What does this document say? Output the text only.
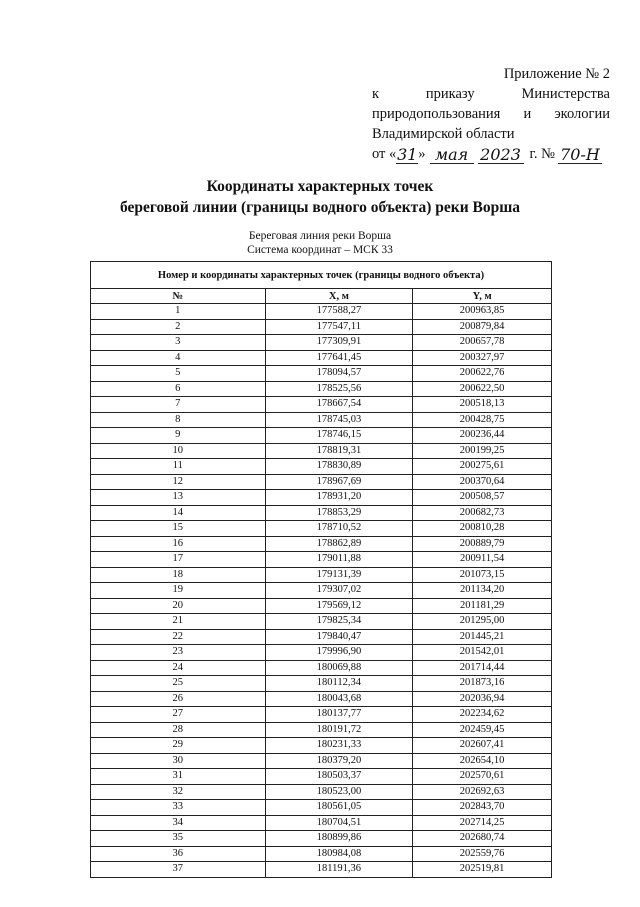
Приложение № 2
к	приказу	Министерства
природопользования и экологии
Владимирской области
от « 31 » мая 2023 г. № 70-Н
Координаты характерных точек
береговой линии (границы водного объекта) реки Ворша
Береговая линия реки Ворша
Система координат – МСК 33
Номер и координаты характерных точек (границы водного объекта)		
№	X, м	Y, м
1	177588,27	200963,85
2	177547,11	200879,84
3	177309,91	200657,78
4	177641,45	200327,97
5	178094,57	200622,76
6	178525,56	200622,50
7	178667,54	200518,13
8	178745,03	200428,75
9	178746,15	200236,44
10	178819,31	200199,25
11	178830,89	200275,61
12	178967,69	200370,64
13	178931,20	200508,57
14	178853,29	200682,73
15	178710,52	200810,28
16	178862,89	200889,79
17	179011,88	200911,54
18	179131,39	201073,15
19	179307,02	201134,20
20	179569,12	201181,29
21	179825,34	201295,00
22	179840,47	201445,21
23	179996,90	201542,01
24	180069,88	201714,44
25	180112,34	201873,16
26	180043,68	202036,94
27	180137,77	202234,62
28	180191,72	202459,45
29	180231,33	202607,41
30	180379,20	202654,10
31	180503,37	202570,61
32	180523,00	202692,63
33	180561,05	202843,70
34	180704,51	202714,25
35	180899,86	202680,74
36	180984,08	202559,76
37	181191,36	202519,81
